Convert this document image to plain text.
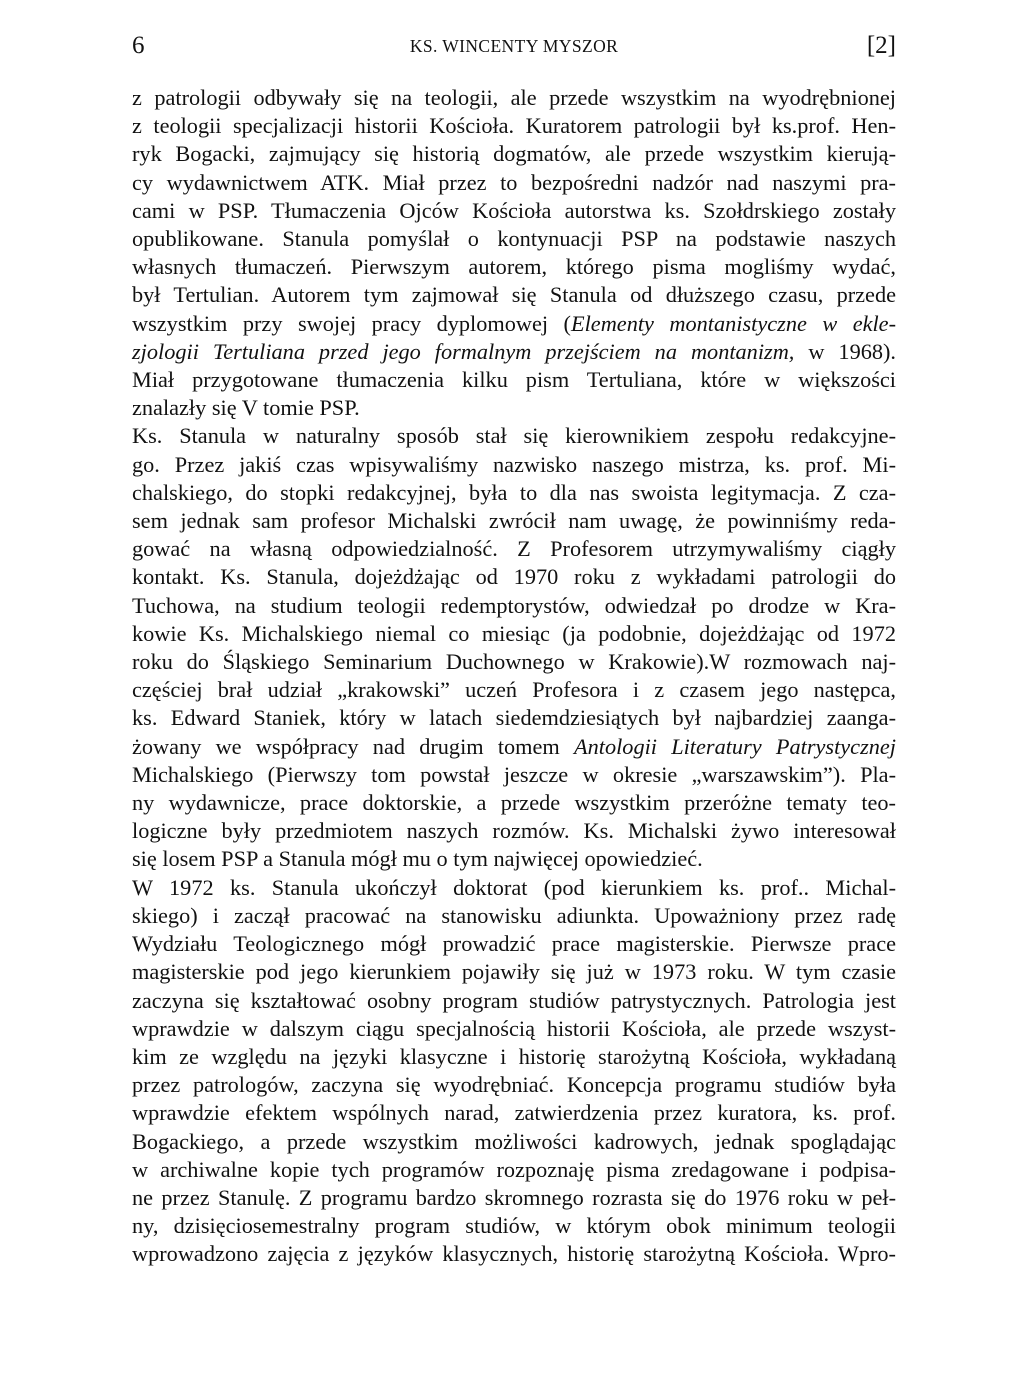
6	KS. WINCENTY MYSZOR	[2]
z patrologii odbywały się na teologii, ale przede wszystkim na wyodrębnionej
z teologii specjalizacji historii Kościoła. Kuratorem patrologii był ks.prof. Hen-
ryk Bogacki, zajmujący się historią dogmatów, ale przede wszystkim kierują-
cy wydawnictwem ATK. Miał przez to bezpośredni nadzór nad naszymi pra-
cami w PSP. Tłumaczenia Ojców Kościoła autorstwa ks. Szołdrskiego zostały
opublikowane. Stanula pomyślał o kontynuacji PSP na podstawie naszych
własnych tłumaczeń. Pierwszym autorem, którego pisma mogliśmy wydać,
był Tertulian. Autorem tym zajmował się Stanula od dłuższego czasu, przede
wszystkim przy swojej pracy dyplomowej (Elementy montanistyczne w ekle-
zjologii Tertuliana przed jego formalnym przejściem na montanizm, w 1968).
Miał przygotowane tłumaczenia kilku pism Tertuliana, które w większości
znalazły się V tomie PSP.
Ks. Stanula w naturalny sposób stał się kierownikiem zespołu redakcyjne-
go. Przez jakiś czas wpisywaliśmy nazwisko naszego mistrza, ks. prof. Mi-
chalskiego, do stopki redakcyjnej, była to dla nas swoista legitymacja. Z cza-
sem jednak sam profesor Michalski zwrócił nam uwagę, że powinniśmy reda-
gować na własną odpowiedzialność. Z Profesorem utrzymywaliśmy ciągły
kontakt. Ks. Stanula, dojeżdżając od 1970 roku z wykładami patrologii do
Tuchowa, na studium teologii redemptorystów, odwiedzał po drodze w Kra-
kowie Ks. Michalskiego niemal co miesiąc (ja podobnie, dojeżdżając od 1972
roku do Śląskiego Seminarium Duchownego w Krakowie).W rozmowach naj-
częściej brał udział „krakowski” uczeń Profesora i z czasem jego następca,
ks. Edward Staniek, który w latach siedemdziesiątych był najbardziej zaanga-
żowany we współpracy nad drugim tomem Antologii Literatury Patrystycznej
Michalskiego (Pierwszy tom powstał jeszcze w okresie „warszawskim”). Pla-
ny wydawnicze, prace doktorskie, a przede wszystkim przeróżne tematy teo-
logiczne były przedmiotem naszych rozmów. Ks. Michalski żywo interesował
się losem PSP a Stanula mógł mu o tym najwięcej opowiedzieć.
W 1972 ks. Stanula ukończył doktorat (pod kierunkiem ks. prof.. Michal-
skiego) i zaczął pracować na stanowisku adiunkta. Upoważniony przez radę
Wydziału Teologicznego mógł prowadzić prace magisterskie. Pierwsze prace
magisterskie pod jego kierunkiem pojawiły się już w 1973 roku. W tym czasie
zaczyna się kształtować osobny program studiów patrystycznych. Patrologia jest
wprawdzie w dalszym ciągu specjalnością historii Kościoła, ale przede wszyst-
kim ze względu na języki klasyczne i historię starożytną Kościoła, wykładaną
przez patrologów, zaczyna się wyodrębniać. Koncepcja programu studiów była
wprawdzie efektem wspólnych narad, zatwierdzenia przez kuratora, ks. prof.
Bogackiego, a przede wszystkim możliwości kadrowych, jednak spoglądając
w archiwalne kopie tych programów rozpoznaję pisma zredagowane i podpisa-
ne przez Stanulę. Z programu bardzo skromnego rozrasta się do 1976 roku w peł-
ny, dzisięciosemestralny program studiów, w którym obok minimum teologii
wprowadzono zajęcia z języków klasycznych, historię starożytną Kościoła. Wpro-
